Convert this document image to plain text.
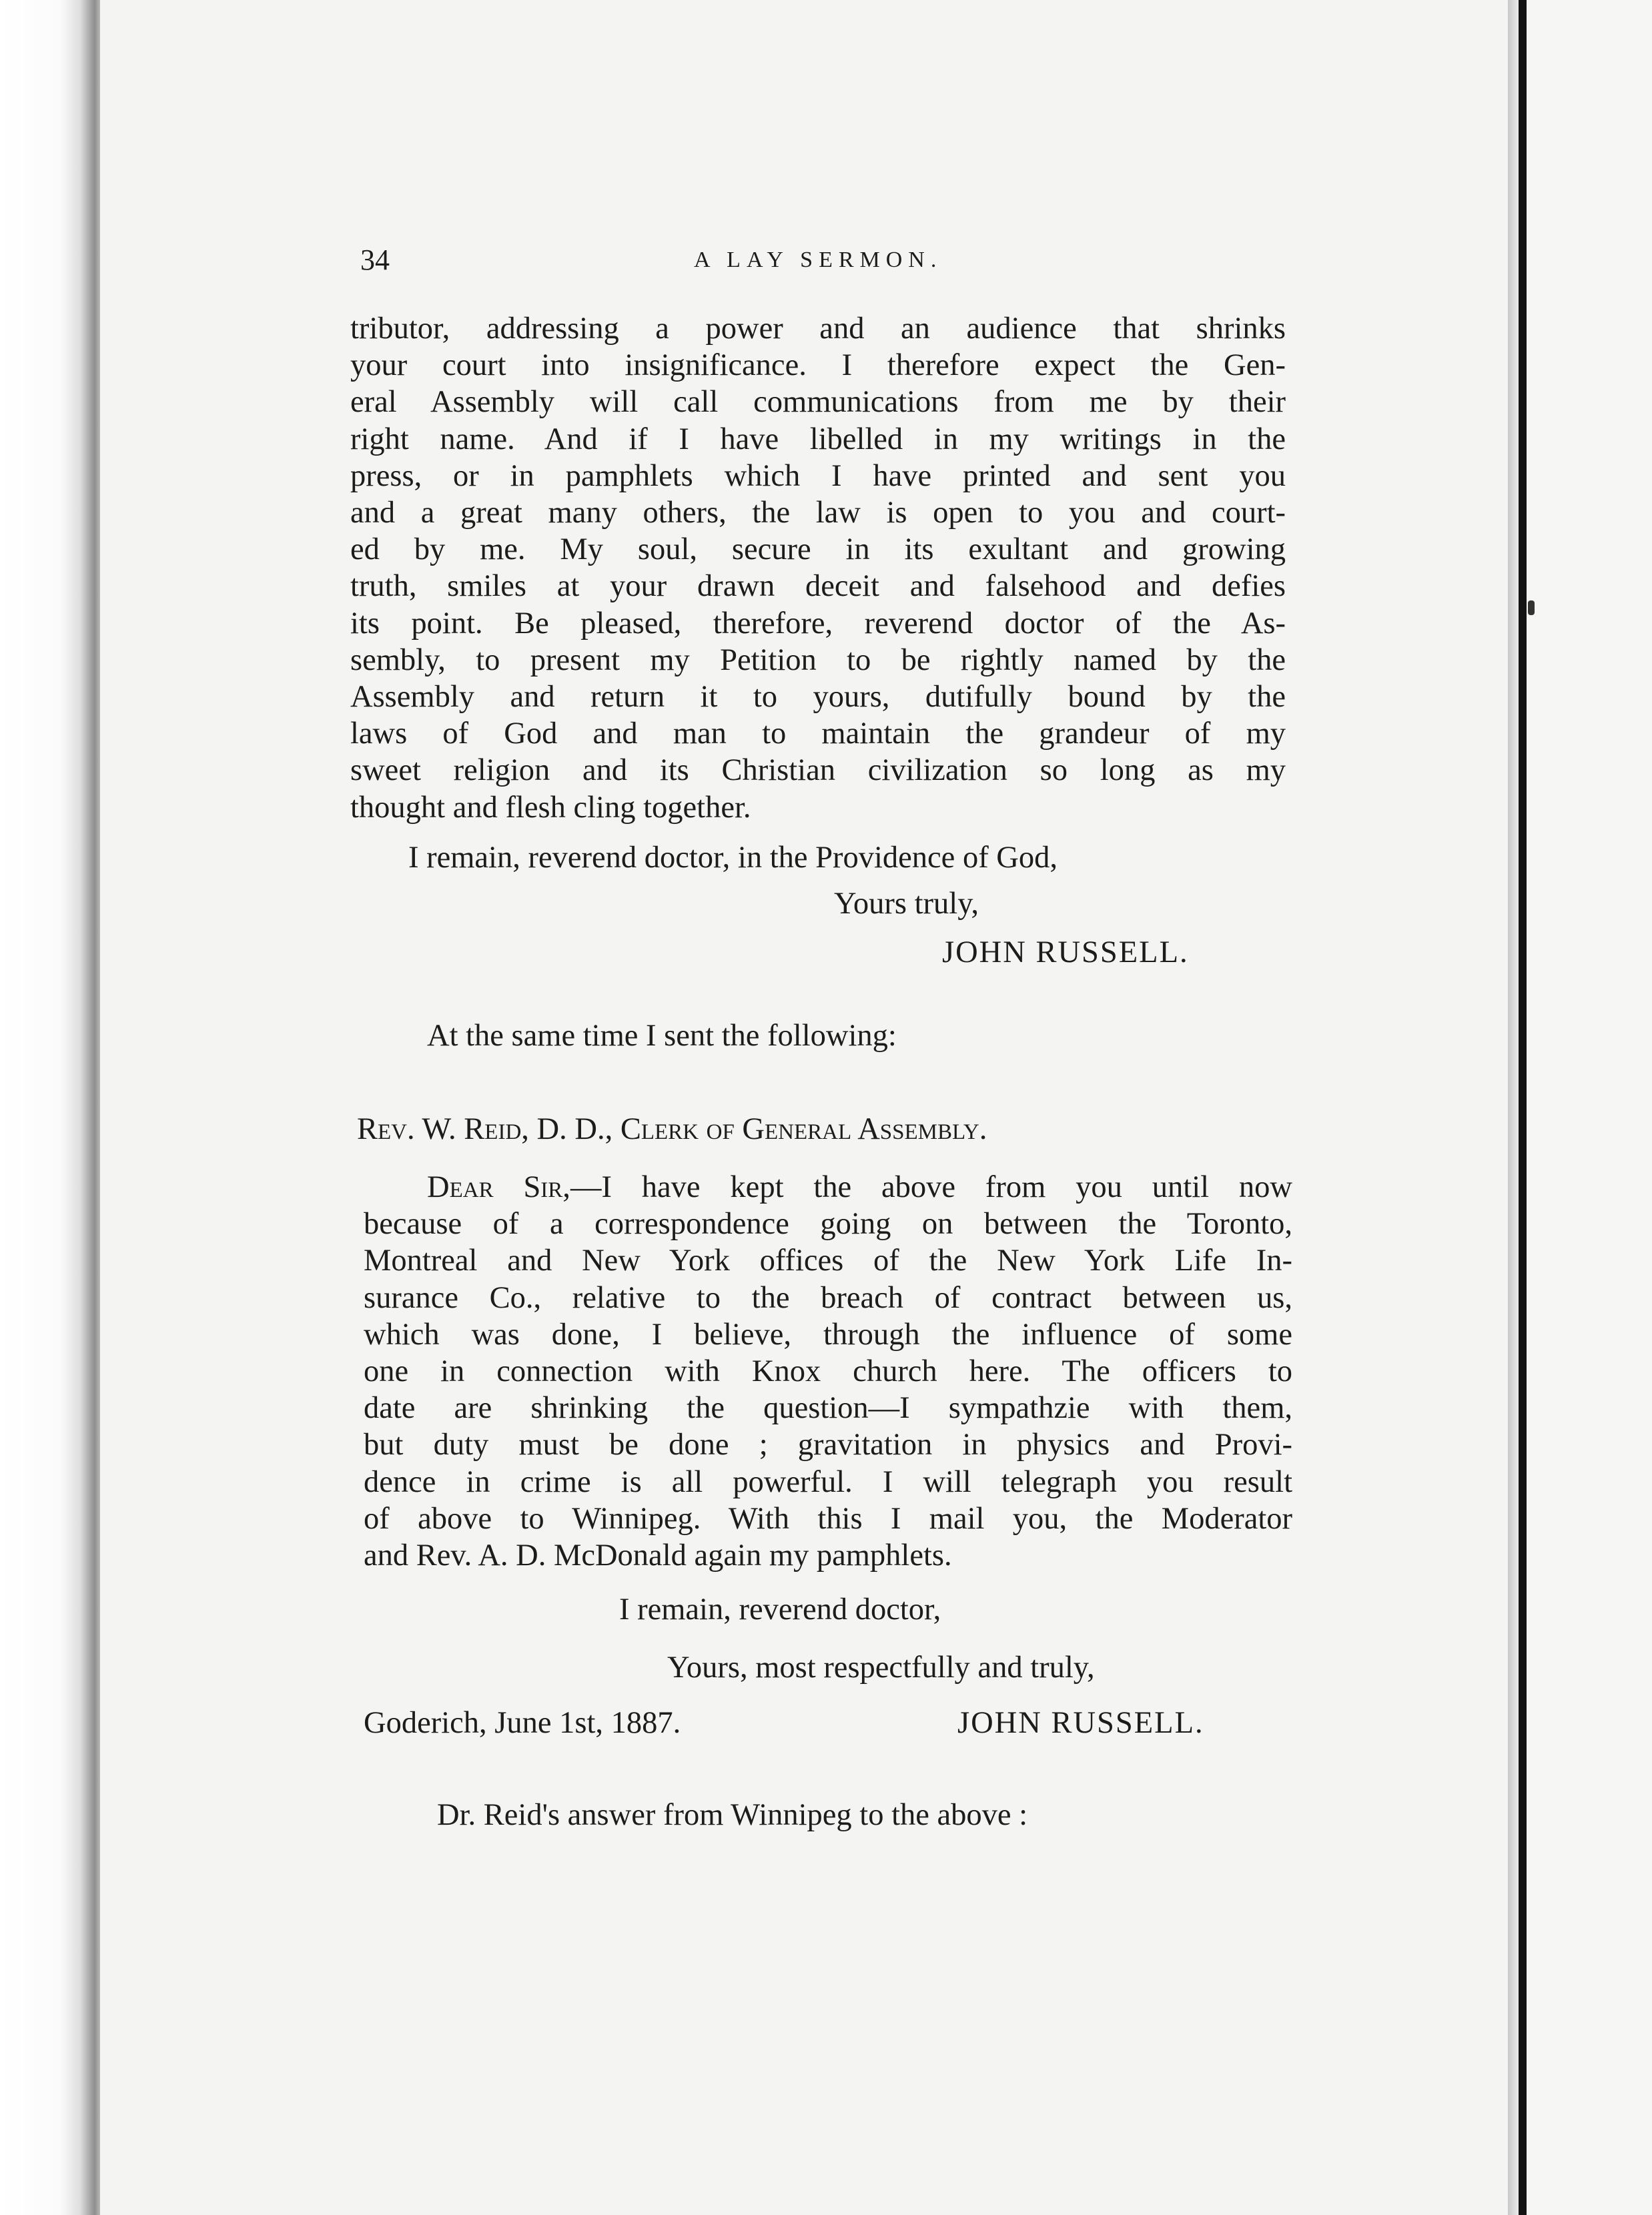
34	A LAY SERMON.
tributor, addressing a power and an audience that shrinks
your court into insignificance. I therefore expect the Gen-
eral Assembly will call communications from me by their
right name. And if I have libelled in my writings in the
press, or in pamphlets which I have printed and sent you
and a great many others, the law is open to you and court-
ed by me. My soul, secure in its exultant and growing
truth, smiles at your drawn deceit and falsehood and defies
its point. Be pleased, therefore, reverend doctor of the As-
sembly, to present my Petition to be rightly named by the
Assembly and return it to yours, dutifully bound by the
laws of God and man to maintain the grandeur of my
sweet religion and its Christian civilization so long as my
thought and flesh cling together.
I remain, reverend doctor, in the Providence of God,
Yours truly,
JOHN RUSSELL.
At the same time I sent the following:
Rev. W. Reid, D. D., Clerk of General Assembly.
Dear Sir,—I have kept the above from you until now
because of a correspondence going on between the Toronto,
Montreal and New York offices of the New York Life In-
surance Co., relative to the breach of contract between us,
which was done, I believe, through the influence of some
one in connection with Knox church here. The officers to
date are shrinking the question—I sympathzie with them,
but duty must be done ; gravitation in physics and Provi-
dence in crime is all powerful. I will telegraph you result
of above to Winnipeg. With this I mail you, the Moderator
and Rev. A. D. McDonald again my pamphlets.
I remain, reverend doctor,
Yours, most respectfully and truly,
Goderich, June 1st, 1887.	JOHN RUSSELL.
Dr. Reid's answer from Winnipeg to the above :
